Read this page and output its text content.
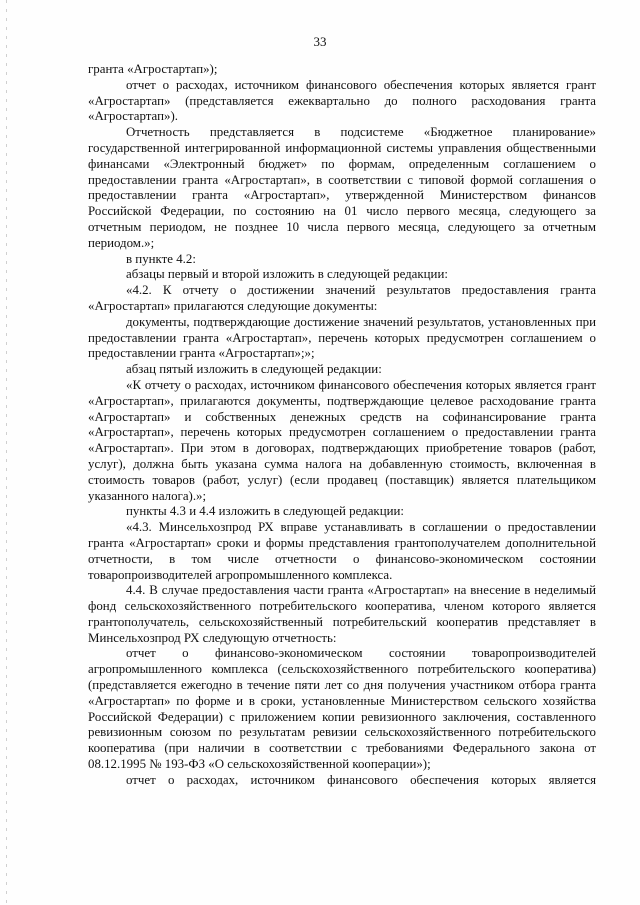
33

гранта «Агростартап»);

отчет о расходах, источником финансового обеспечения которых является грант «Агростартап» (представляется ежеквартально до полного расходования гранта «Агростартап»).

Отчетность представляется в подсистеме «Бюджетное планирование» государственной интегрированной информационной системы управления общественными финансами «Электронный бюджет» по формам, определенным соглашением о предоставлении гранта «Агростартап», в соответствии с типовой формой соглашения о предоставлении гранта «Агростартап», утвержденной Министерством финансов Российской Федерации, по состоянию на 01 число первого месяца, следующего за отчетным периодом, не позднее 10 числа первого месяца, следующего за отчетным периодом.»;

в пункте 4.2:

абзацы первый и второй изложить в следующей редакции:

«4.2. К отчету о достижении значений результатов предоставления гранта «Агростартап» прилагаются следующие документы:

документы, подтверждающие достижение значений результатов, установленных при предоставлении гранта «Агростартап», перечень которых предусмотрен соглашением о предоставлении гранта «Агростартап»;»;

абзац пятый изложить в следующей редакции:

«К отчету о расходах, источником финансового обеспечения которых является грант «Агростартап», прилагаются документы, подтверждающие целевое расходование гранта «Агростартап» и собственных денежных средств на софинансирование гранта «Агростартап», перечень которых предусмотрен соглашением о предоставлении гранта «Агростартап». При этом в договорах, подтверждающих приобретение товаров (работ, услуг), должна быть указана сумма налога на добавленную стоимость, включенная в стоимость товаров (работ, услуг) (если продавец (поставщик) является плательщиком указанного налога).»;

пункты 4.3 и 4.4 изложить в следующей редакции:

«4.3. Минсельхозпрод РХ вправе устанавливать в соглашении о предоставлении гранта «Агростартап» сроки и формы представления грантополучателем дополнительной отчетности, в том числе отчетности о финансово-экономическом состоянии товаропроизводителей агропромышленного комплекса.

4.4. В случае предоставления части гранта «Агростартап» на внесение в неделимый фонд сельскохозяйственного потребительского кооператива, членом которого является грантополучатель, сельскохозяйственный потребительский кооператив представляет в Минсельхозпрод РХ следующую отчетность:

отчет о финансово-экономическом состоянии товаропроизводителей агропромышленного комплекса (сельскохозяйственного потребительского кооператива) (представляется ежегодно в течение пяти лет со дня получения участником отбора гранта «Агростартап» по форме и в сроки, установленные Министерством сельского хозяйства Российской Федерации) с приложением копии ревизионного заключения, составленного ревизионным союзом по результатам ревизии сельскохозяйственного потребительского кооператива (при наличии в соответствии с требованиями Федерального закона от 08.12.1995 № 193-ФЗ «О сельскохозяйственной кооперации»);

отчет о расходах, источником финансового обеспечения которых является
